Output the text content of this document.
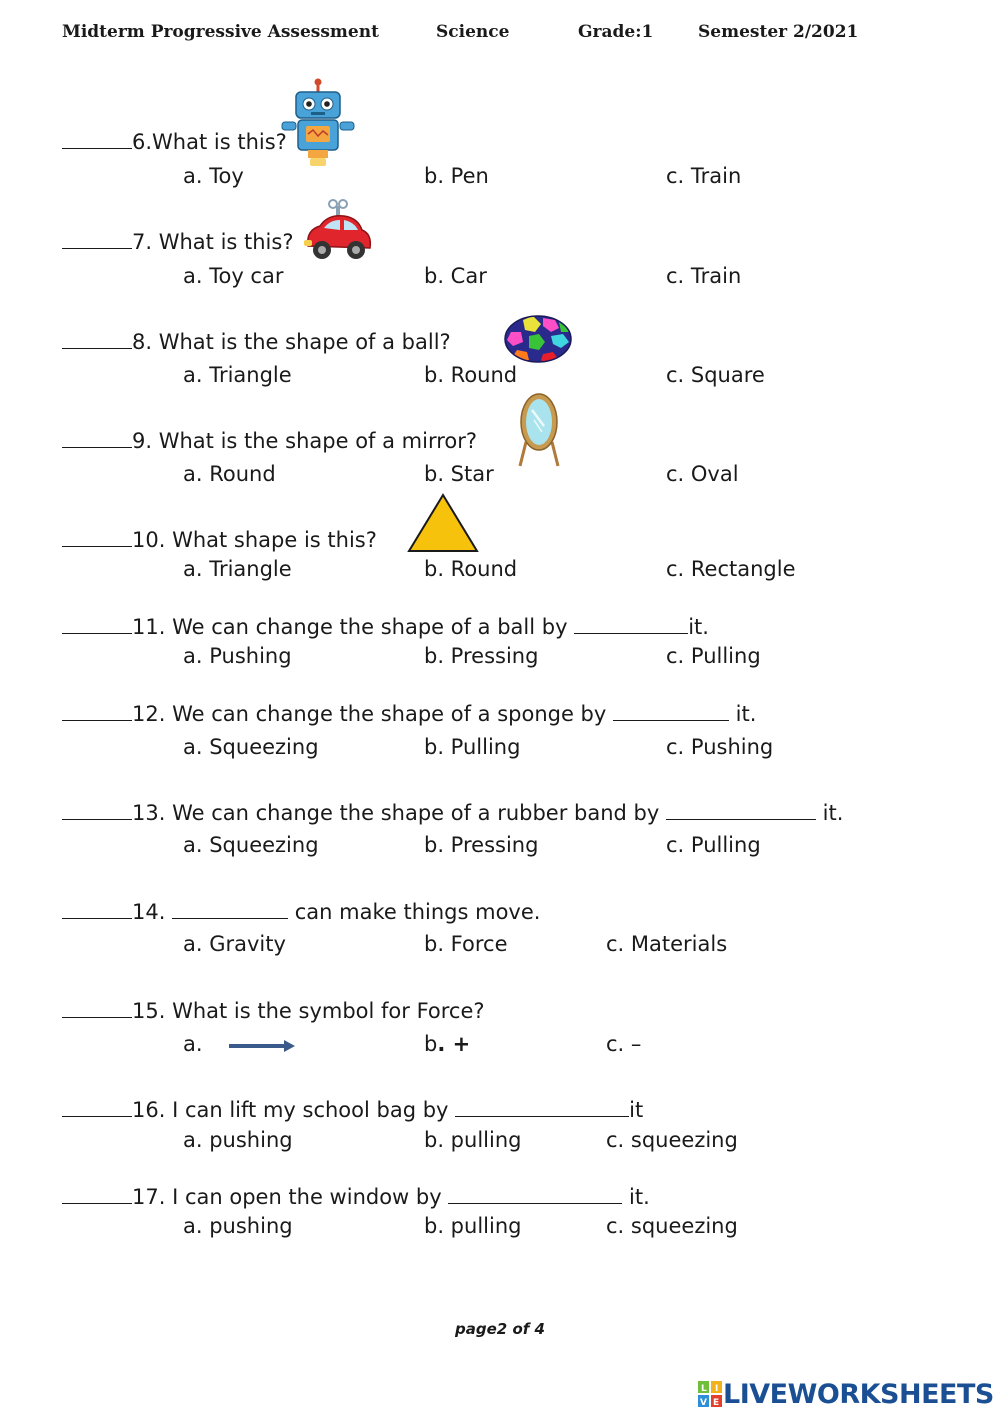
Midterm Progressive Assessment	Science	Grade:1	Semester 2/2021
6.What is this?
a. Toy	b. Pen	c. Train
7. What is this?
a. Toy car	b. Car	c. Train
8. What is the shape of a ball?
a. Triangle	b. Round	c. Square
9. What is the shape of a mirror?
a. Round	b. Star	c. Oval
10. What shape is this?
a. Triangle	b. Round	c. Rectangle
11. We can change the shape of a ball by	it.
a. Pushing	b. Pressing	c. Pulling
12. We can change the shape of a sponge by	it.
a. Squeezing	b. Pulling	c. Pushing
13. We can change the shape of a rubber band by	it.
a. Squeezing	b. Pressing	c. Pulling
14.	can make things move.
a. Gravity	b. Force	c. Materials
15. What is the symbol for Force?
a.	b. +	c. –
16. I can lift my school bag by	it
a. pushing	b. pulling	c. squeezing
17. I can open the window by	it.
a. pushing	b. pulling	c. squeezing
page2 of 4
L I
V E LIVEWORKSHEETS
